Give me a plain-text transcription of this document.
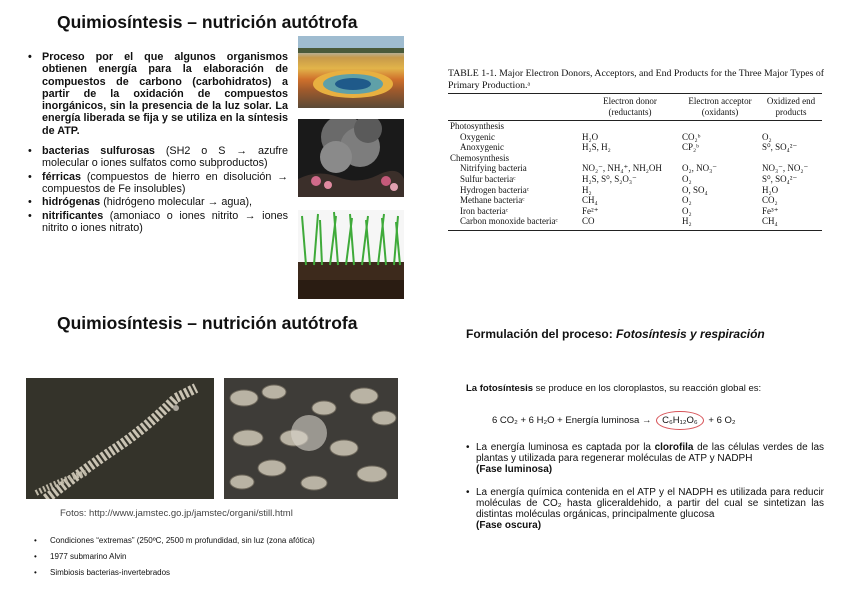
Quimiosíntesis – nutrición autótrofa
• Proceso por el que algunos organismos obtienen energía para la elaboración de compuestos de carbono (carbohidratos) a partir de la oxidación de compuestos inorgánicos, sin la presencia de la luz solar. La energía liberada se fija y se utiliza en la síntesis de ATP.
• bacterias sulfurosas (SH2 o S → azufre molecular o iones sulfatos como subproductos)
• férricas (compuestos de hierro en disolución → compuestos de Fe insolubles)
• hidrógenas (hidrógeno molecular → agua),
• nitrificantes (amoniaco o iones nitrito → iones nitrito o iones nitrato)
TABLE 1-1. Major Electron Donors, Acceptors, and End Products for the Three Major Types of Primary Production.ᵃ
	Electron donor (reductants)	Electron acceptor (oxidants)	Oxidized end products
Photosynthesis			
Oxygenic	H₂O	CO₂ᵇ	O₂
Anoxygenic	H₂S, H₂	CP₂ᵇ	S⁰, SO₄²⁻
Chemosynthesis			
Nitrifying bacteria	NO₂⁻, NH₄⁺, NH₂OH	O₂, NO₃⁻	NO₃⁻, NO₂⁻
Sulfur bacteriaᶜ	H₂S, S⁰, S₂O₃⁻	O₂	S⁰, SO₄²⁻
Hydrogen bacteriaᶜ	H₂	O, SO₄	H₂O
Methane bacteriaᶜ	CH₄	O₂	CO₂
Iron bacteriaᶜ	Fe²⁺	O₂	Fe³⁺
Carbon monoxide bacteriaᶜ	CO	H₂	CH₄
Quimiosíntesis – nutrición autótrofa
Fotos: http://www.jamstec.go.jp/jamstec/organi/still.html
• Condiciones “extremas” (250ºC, 2500 m profundidad, sin luz (zona afótica)
• 1977 submarino Alvin
• Simbiosis bacterias-invertebrados
Formulación del proceso: Fotosíntesis y respiración
La fotosíntesis se produce en los cloroplastos, su reacción global es:
6 CO₂ + 6 H₂O + Energía luminosa → C₆H₁₂O₆ + 6 O₂
• La energía luminosa es captada por la clorofila de las células verdes de las plantas y utilizada para regenerar moléculas de ATP y NADPH
(Fase luminosa)
• La energía química contenida en el ATP y el NADPH es utilizada para reducir moléculas de CO₂ hasta gliceraldehido, a partir del cual se sintetizan las distintas moléculas orgánicas, principalmente glucosa
(Fase oscura)
